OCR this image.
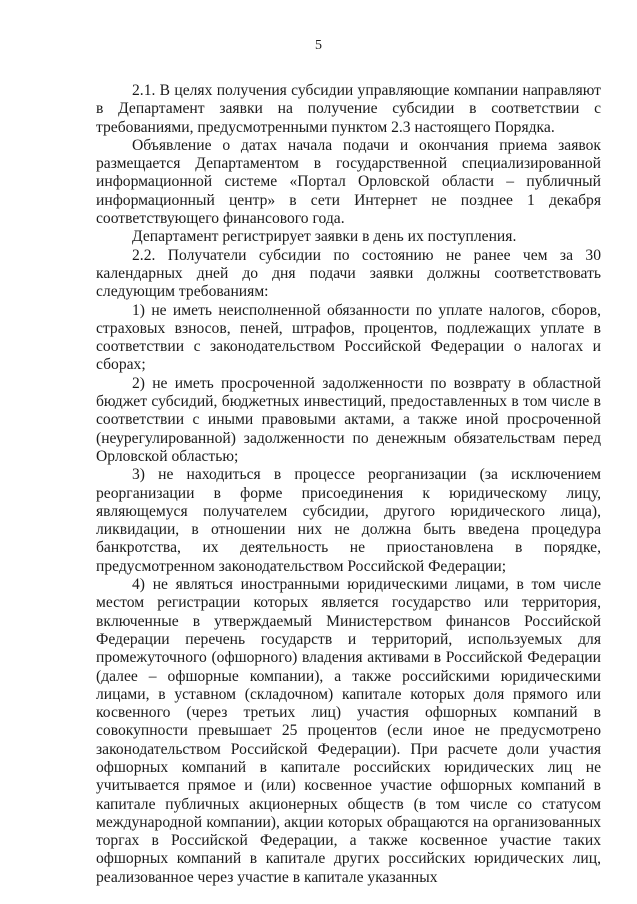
5

2.1. В целях получения субсидии управляющие компании направляют в Департамент заявки на получение субсидии в соответствии с требованиями, предусмотренными пунктом 2.3 настоящего Порядка.

Объявление о датах начала подачи и окончания приема заявок размещается Департаментом в государственной специализированной информационной системе «Портал Орловской области – публичный информационный центр» в сети Интернет не позднее 1 декабря соответствующего финансового года.

Департамент регистрирует заявки в день их поступления.

2.2. Получатели субсидии по состоянию не ранее чем за 30 календарных дней до дня подачи заявки должны соответствовать следующим требованиям:

1) не иметь неисполненной обязанности по уплате налогов, сборов, страховых взносов, пеней, штрафов, процентов, подлежащих уплате в соответствии с законодательством Российской Федерации о налогах и сборах;

2) не иметь просроченной задолженности по возврату в областной бюджет субсидий, бюджетных инвестиций, предоставленных в том числе в соответствии с иными правовыми актами, а также иной просроченной (неурегулированной) задолженности по денежным обязательствам перед Орловской областью;

3) не находиться в процессе реорганизации (за исключением реорганизации в форме присоединения к юридическому лицу, являющемуся получателем субсидии, другого юридического лица), ликвидации, в отношении них не должна быть введена процедура банкротства, их деятельность не приостановлена в порядке, предусмотренном законодательством Российской Федерации;

4) не являться иностранными юридическими лицами, в том числе местом регистрации которых является государство или территория, включенные в утверждаемый Министерством финансов Российской Федерации перечень государств и территорий, используемых для промежуточного (офшорного) владения активами в Российской Федерации (далее – офшорные компании), а также российскими юридическими лицами, в уставном (складочном) капитале которых доля прямого или косвенного (через третьих лиц) участия офшорных компаний в совокупности превышает 25 процентов (если иное не предусмотрено законодательством Российской Федерации). При расчете доли участия офшорных компаний в капитале российских юридических лиц не учитывается прямое и (или) косвенное участие офшорных компаний в капитале публичных акционерных обществ (в том числе со статусом международной компании), акции которых обращаются на организованных торгах в Российской Федерации, а также косвенное участие таких офшорных компаний в капитале других российских юридических лиц, реализованное через участие в капитале указанных
